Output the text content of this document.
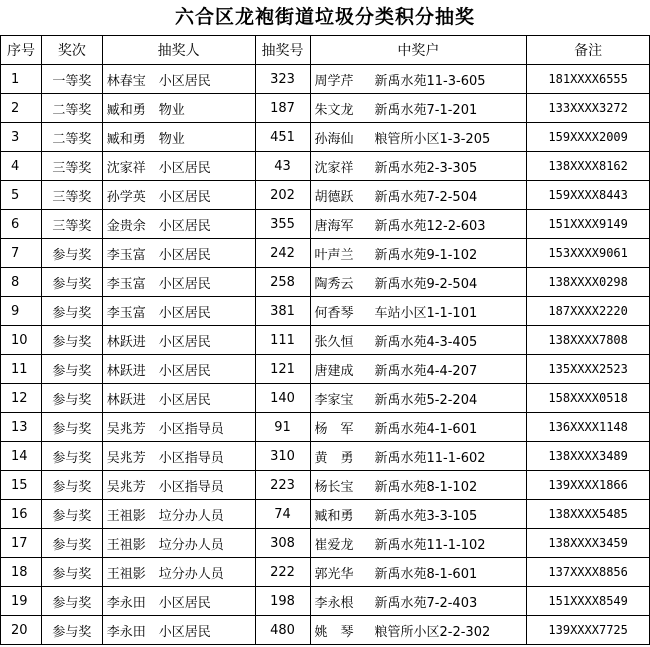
六合区龙袍街道垃圾分类积分抽奖
序号	奖次	抽奖人	抽奖号	中奖户	备注
1	一等奖	林春宝 小区居民	323	周学芹 新禹水苑11-3-605	181XXXX6555
2	二等奖	臧和勇 物业	187	朱文龙 新禹水苑7-1-201	133XXXX3272
3	二等奖	臧和勇 物业	451	孙海仙 粮管所小区1-3-205	159XXXX2009
4	三等奖	沈家祥 小区居民	43	沈家祥 新禹水苑2-3-305	138XXXX8162
5	三等奖	孙学英 小区居民	202	胡德跃 新禹水苑7-2-504	159XXXX8443
6	三等奖	金贵余 小区居民	355	唐海军 新禹水苑12-2-603	151XXXX9149
7	参与奖	李玉富 小区居民	242	叶声兰 新禹水苑9-1-102	153XXXX9061
8	参与奖	李玉富 小区居民	258	陶秀云 新禹水苑9-2-504	138XXXX0298
9	参与奖	李玉富 小区居民	381	何香琴 车站小区1-1-101	187XXXX2220
10	参与奖	林跃进 小区居民	111	张久恒 新禹水苑4-3-405	138XXXX7808
11	参与奖	林跃进 小区居民	121	唐建成 新禹水苑4-4-207	135XXXX2523
12	参与奖	林跃进 小区居民	140	李家宝 新禹水苑5-2-204	158XXXX0518
13	参与奖	吴兆芳 小区指导员	91	杨　军 新禹水苑4-1-601	136XXXX1148
14	参与奖	吴兆芳 小区指导员	310	黄　勇 新禹水苑11-1-602	138XXXX3489
15	参与奖	吴兆芳 小区指导员	223	杨长宝 新禹水苑8-1-102	139XXXX1866
16	参与奖	王祖影 垃分办人员	74	臧和勇 新禹水苑3-3-105	138XXXX5485
17	参与奖	王祖影 垃分办人员	308	崔爱龙 新禹水苑11-1-102	138XXXX3459
18	参与奖	王祖影 垃分办人员	222	郭光华 新禹水苑8-1-601	137XXXX8856
19	参与奖	李永田 小区居民	198	李永根 新禹水苑7-2-403	151XXXX8549
20	参与奖	李永田 小区居民	480	姚　琴 粮管所小区2-2-302	139XXXX7725
